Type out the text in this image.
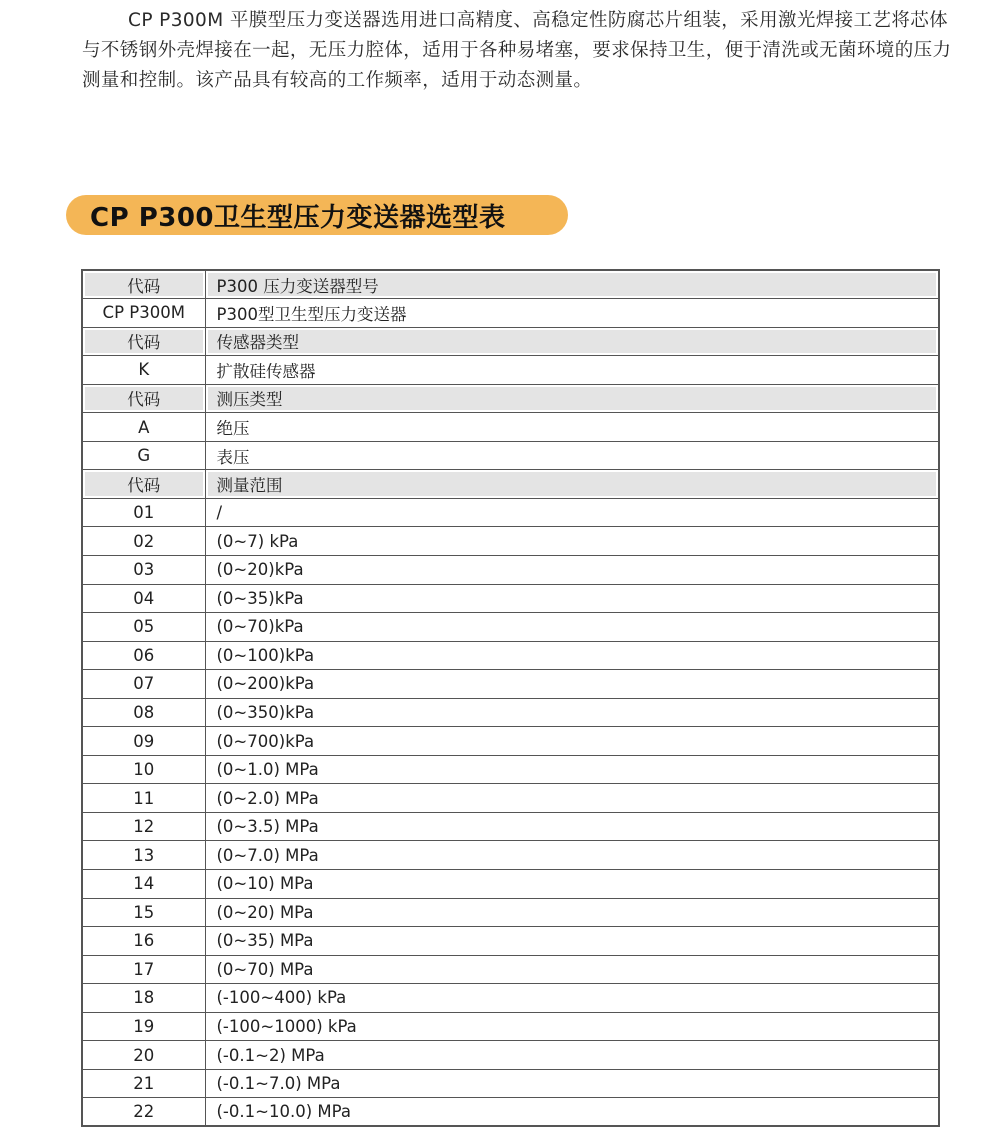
CP P300M 平膜型压力变送器选用进口高精度、高稳定性防腐芯片组装，采用激光焊接工艺将芯体与不锈钢外壳焊接在一起，无压力腔体，适用于各种易堵塞，要求保持卫生，便于清洗或无菌环境的压力测量和控制。该产品具有较高的工作频率，适用于动态测量。

CP P300卫生型压力变送器选型表
代码	P300 压力变送器型号
CP P300M	P300型卫生型压力变送器
代码	传感器类型
K	扩散硅传感器
代码	测压类型
A	绝压
G	表压
代码	测量范围
01	/
02	(0~7) kPa
03	(0~20)kPa
04	(0~35)kPa
05	(0~70)kPa
06	(0~100)kPa
07	(0~200)kPa
08	(0~350)kPa
09	(0~700)kPa
10	(0~1.0) MPa
11	(0~2.0) MPa
12	(0~3.5) MPa
13	(0~7.0) MPa
14	(0~10) MPa
15	(0~20) MPa
16	(0~35) MPa
17	(0~70) MPa
18	(-100~400) kPa
19	(-100~1000) kPa
20	(-0.1~2) MPa
21	(-0.1~7.0) MPa
22	(-0.1~10.0) MPa
